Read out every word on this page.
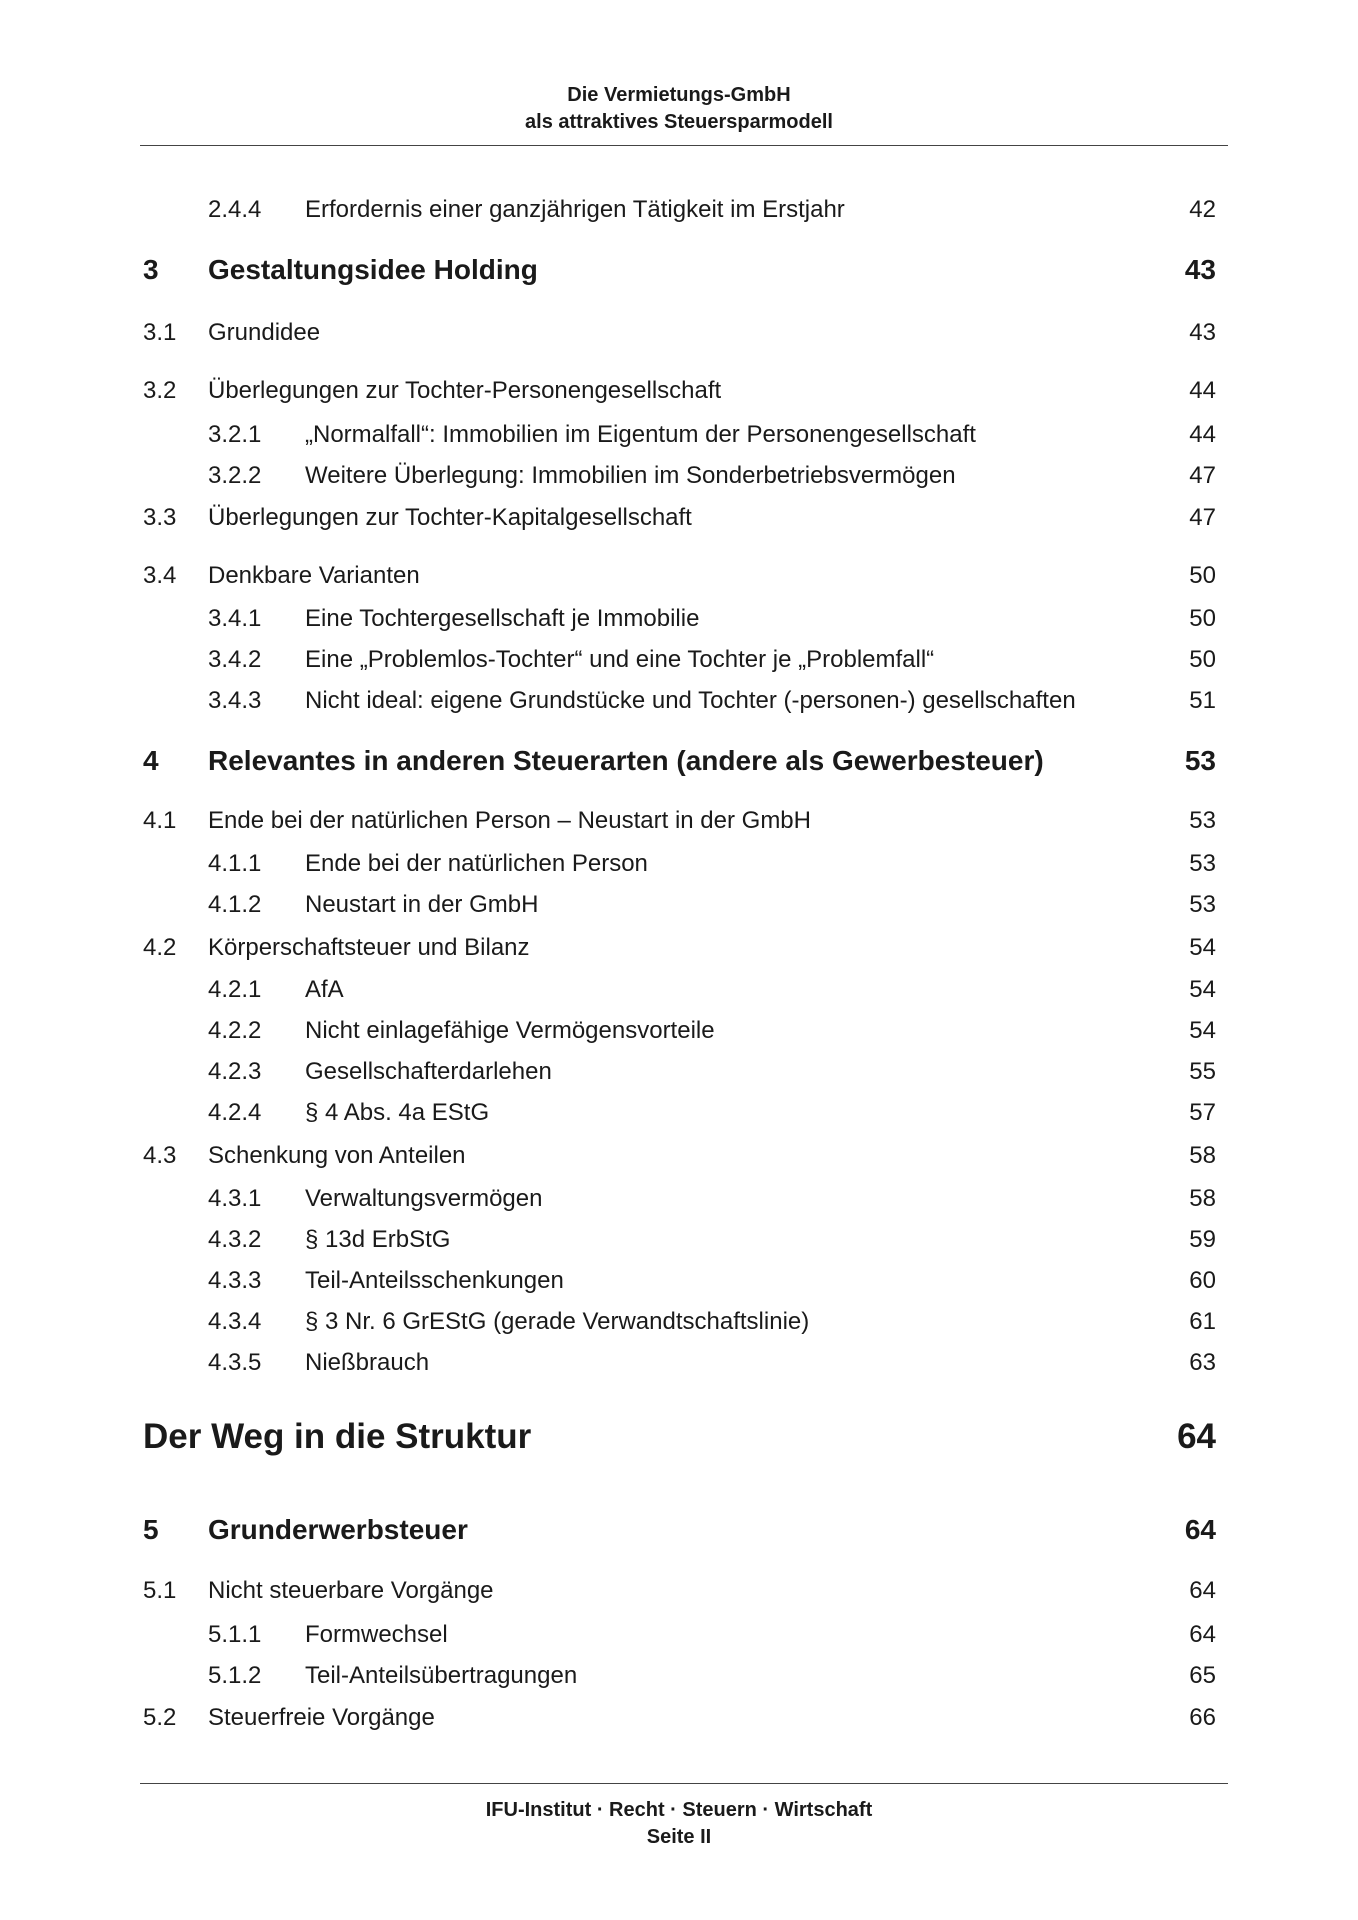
Die Vermietungs-GmbH
als attraktives Steuersparmodell
2.4.4 Erfordernis einer ganzjährigen Tätigkeit im Erstjahr	42
3 Gestaltungsidee Holding	43
3.1 Grundidee	43
3.2 Überlegungen zur Tochter-Personengesellschaft	44
3.2.1 „Normalfall“: Immobilien im Eigentum der Personengesellschaft	44
3.2.2 Weitere Überlegung: Immobilien im Sonderbetriebsvermögen	47
3.3 Überlegungen zur Tochter-Kapitalgesellschaft	47
3.4 Denkbare Varianten	50
3.4.1 Eine Tochtergesellschaft je Immobilie	50
3.4.2 Eine „Problemlos-Tochter“ und eine Tochter je „Problemfall“	50
3.4.3 Nicht ideal: eigene Grundstücke und Tochter (-personen-) gesellschaften	51
4 Relevantes in anderen Steuerarten (andere als Gewerbesteuer)	53
4.1 Ende bei der natürlichen Person – Neustart in der GmbH	53
4.1.1 Ende bei der natürlichen Person	53
4.1.2 Neustart in der GmbH	53
4.2 Körperschaftsteuer und Bilanz	54
4.2.1 AfA	54
4.2.2 Nicht einlagefähige Vermögensvorteile	54
4.2.3 Gesellschafterdarlehen	55
4.2.4 § 4 Abs. 4a EStG	57
4.3 Schenkung von Anteilen	58
4.3.1 Verwaltungsvermögen	58
4.3.2 § 13d ErbStG	59
4.3.3 Teil-Anteilsschenkungen	60
4.3.4 § 3 Nr. 6 GrEStG (gerade Verwandtschaftslinie)	61
4.3.5 Nießbrauch	63
Der Weg in die Struktur	64
5 Grunderwerbsteuer	64
5.1 Nicht steuerbare Vorgänge	64
5.1.1 Formwechsel	64
5.1.2 Teil-Anteilsübertragungen	65
5.2 Steuerfreie Vorgänge	66
IFU-Institut · Recht · Steuern · Wirtschaft
Seite II
